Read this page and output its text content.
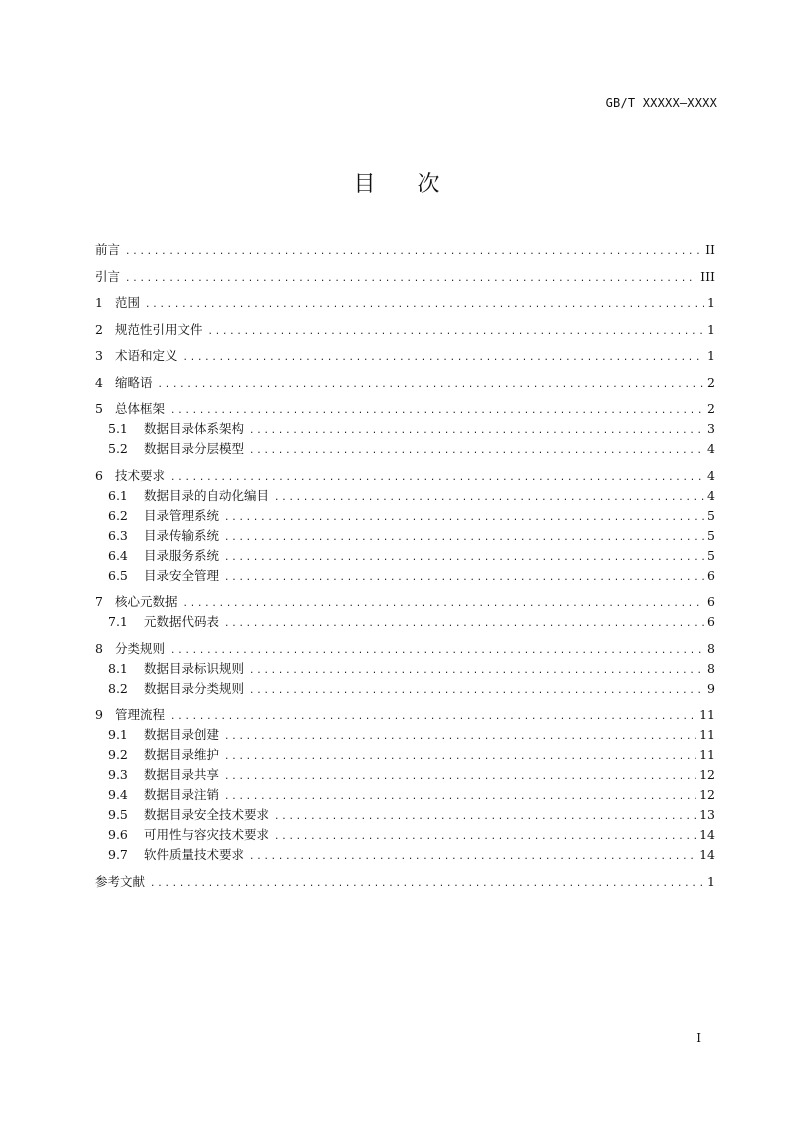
GB/T XXXXX—XXXX
目次
前言 .....	II
引言 .....	III
1 范围 .....	1
2 规范性引用文件 .....	1
3 术语和定义 .....	1
4 缩略语 .....	2
5 总体框架 .....	2
5.1	数据目录体系架构 .....	3
5.2	数据目录分层模型 .....	4
6 技术要求 .....	4
6.1	数据目录的自动化编目 .....	4
6.2	目录管理系统 .....	5
6.3	目录传输系统 .....	5
6.4	目录服务系统 .....	5
6.5	目录安全管理 .....	6
7 核心元数据 .....	6
7.1	元数据代码表 .....	6
8 分类规则 .....	8
8.1	数据目录标识规则 .....	8
8.2	数据目录分类规则 .....	9
9 管理流程 .....	11
9.1	数据目录创建 .....	11
9.2	数据目录维护 .....	11
9.3	数据目录共享 .....	12
9.4	数据目录注销 .....	12
9.5	数据目录安全技术要求 .....	13
9.6	可用性与容灾技术要求 .....	14
9.7	软件质量技术要求 .....	14
参考文献 .....	1
I
